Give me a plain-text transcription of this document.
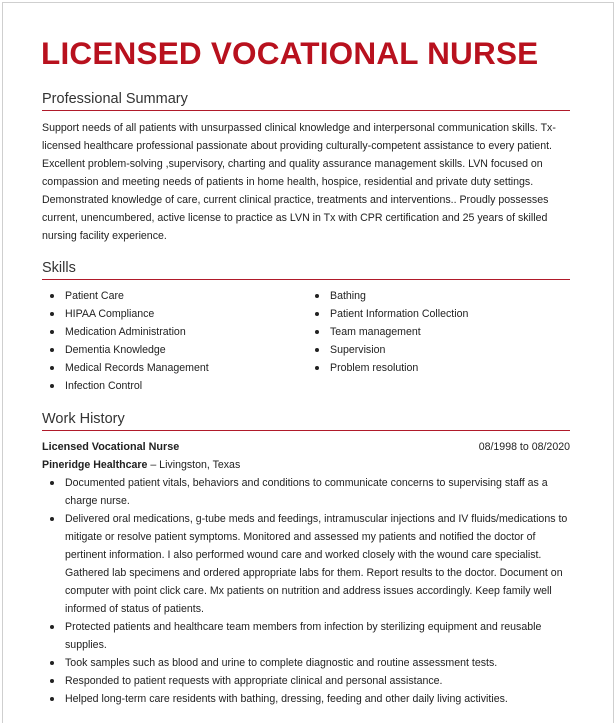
LICENSED VOCATIONAL NURSE
Professional Summary

Support needs of all patients with unsurpassed clinical knowledge and interpersonal communication skills. Tx-licensed healthcare professional passionate about providing culturally-competent assistance to every patient. Excellent problem-solving ,supervisory, charting and quality assurance management skills. LVN focused on compassion and meeting needs of patients in home health, hospice, residential and private duty settings. Demonstrated knowledge of care, current clinical practice, treatments and interventions.. Proudly possesses current, unencumbered, active license to practice as LVN in Tx with CPR certification and 25 years of skilled nursing facility experience.

Skills
Patient Care
HIPAA Compliance
Medication Administration
Dementia Knowledge
Medical Records Management
Infection Control
Bathing
Patient Information Collection
Team management
Supervision
Problem resolution
Work History
Licensed Vocational Nurse	08/1998 to 08/2020
Pineridge Healthcare – Livingston, Texas
Documented patient vitals, behaviors and conditions to communicate concerns to supervising staff as a charge nurse.
Delivered oral medications, g-tube meds and feedings, intramuscular injections and IV fluids/medications to mitigate or resolve patient symptoms. Monitored and assessed my patients and notified the doctor of pertinent information. I also performed wound care and worked closely with the wound care specialist. Gathered lab specimens and ordered appropriate labs for them. Report results to the doctor. Document on computer with point click care. Mx patients on nutrition and address issues accordingly. Keep family well informed of status of patients.
Protected patients and healthcare team members from infection by sterilizing equipment and reusable supplies.
Took samples such as blood and urine to complete diagnostic and routine assessment tests.
Responded to patient requests with appropriate clinical and personal assistance.
Helped long-term care residents with bathing, dressing, feeding and other daily living activities.
